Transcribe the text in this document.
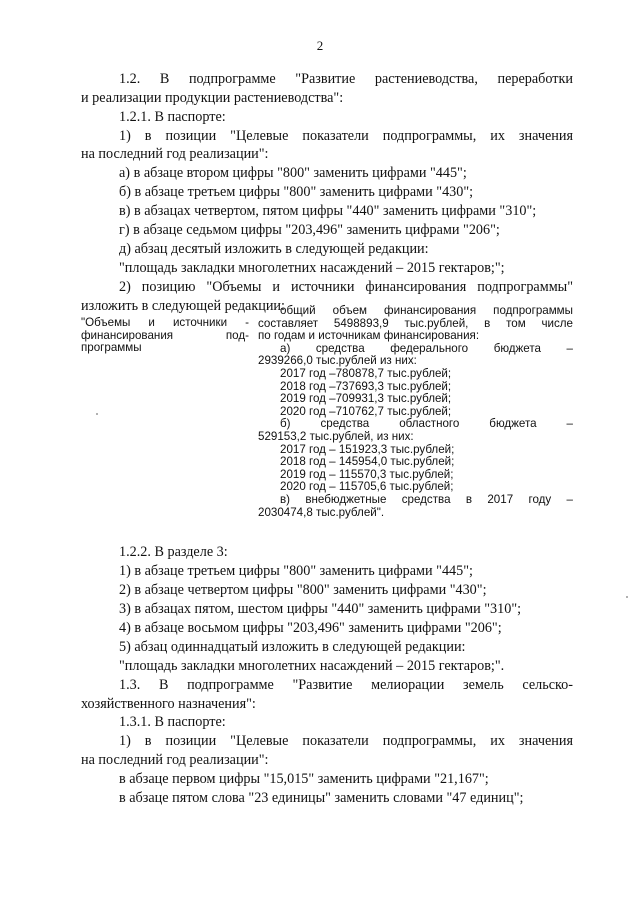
2
1.2. В подпрограмме "Развитие растениеводства, переработки
и реализации продукции растениеводства":
1.2.1. В паспорте:
1) в позиции "Целевые показатели подпрограммы, их значения
на последний год реализации":
а) в абзаце втором цифры "800" заменить цифрами "445";
б) в абзаце третьем цифры "800" заменить цифрами "430";
в) в абзацах четвертом, пятом цифры "440" заменить цифрами "310";
г) в абзаце седьмом цифры "203,496" заменить цифрами "206";
д) абзац десятый изложить в следующей редакции:
"площадь закладки многолетних насаждений – 2015 гектаров;";
2) позицию "Объемы и источники финансирования подпрограммы"
изложить в следующей редакции:
"Объемы и источники -
финансирования под-
программы
общий объем финансирования подпрограммы
составляет 5498893,9 тыс.рублей, в том числе
по годам и источникам финансирования:
а) средства федерального бюджета –
2939266,0 тыс.рублей из них:
2017 год –780878,7 тыс.рублей;
2018 год –737693,3 тыс.рублей;
2019 год –709931,3 тыс.рублей;
2020 год –710762,7 тыс.рублей;
б) средства областного бюджета –
529153,2 тыс.рублей, из них:
2017 год – 151923,3 тыс.рублей;
2018 год – 145954,0 тыс.рублей;
2019 год – 115570,3 тыс.рублей;
2020 год – 115705,6 тыс.рублей;
в) внебюджетные средства в 2017 году –
2030474,8 тыс.рублей".
1.2.2. В разделе 3:
1) в абзаце третьем цифры "800" заменить цифрами "445";
2) в абзаце четвертом цифры "800" заменить цифрами "430";
3) в абзацах пятом, шестом цифры "440" заменить цифрами "310";
4) в абзаце восьмом цифры "203,496" заменить цифрами "206";
5) абзац одиннадцатый изложить в следующей редакции:
"площадь закладки многолетних насаждений – 2015 гектаров;".
1.3. В подпрограмме "Развитие мелиорации земель сельско-
хозяйственного назначения":
1.3.1. В паспорте:
1) в позиции "Целевые показатели подпрограммы, их значения
на последний год реализации":
в абзаце первом цифры "15,015" заменить цифрами "21,167";
в абзаце пятом слова "23 единицы" заменить словами "47 единиц";
